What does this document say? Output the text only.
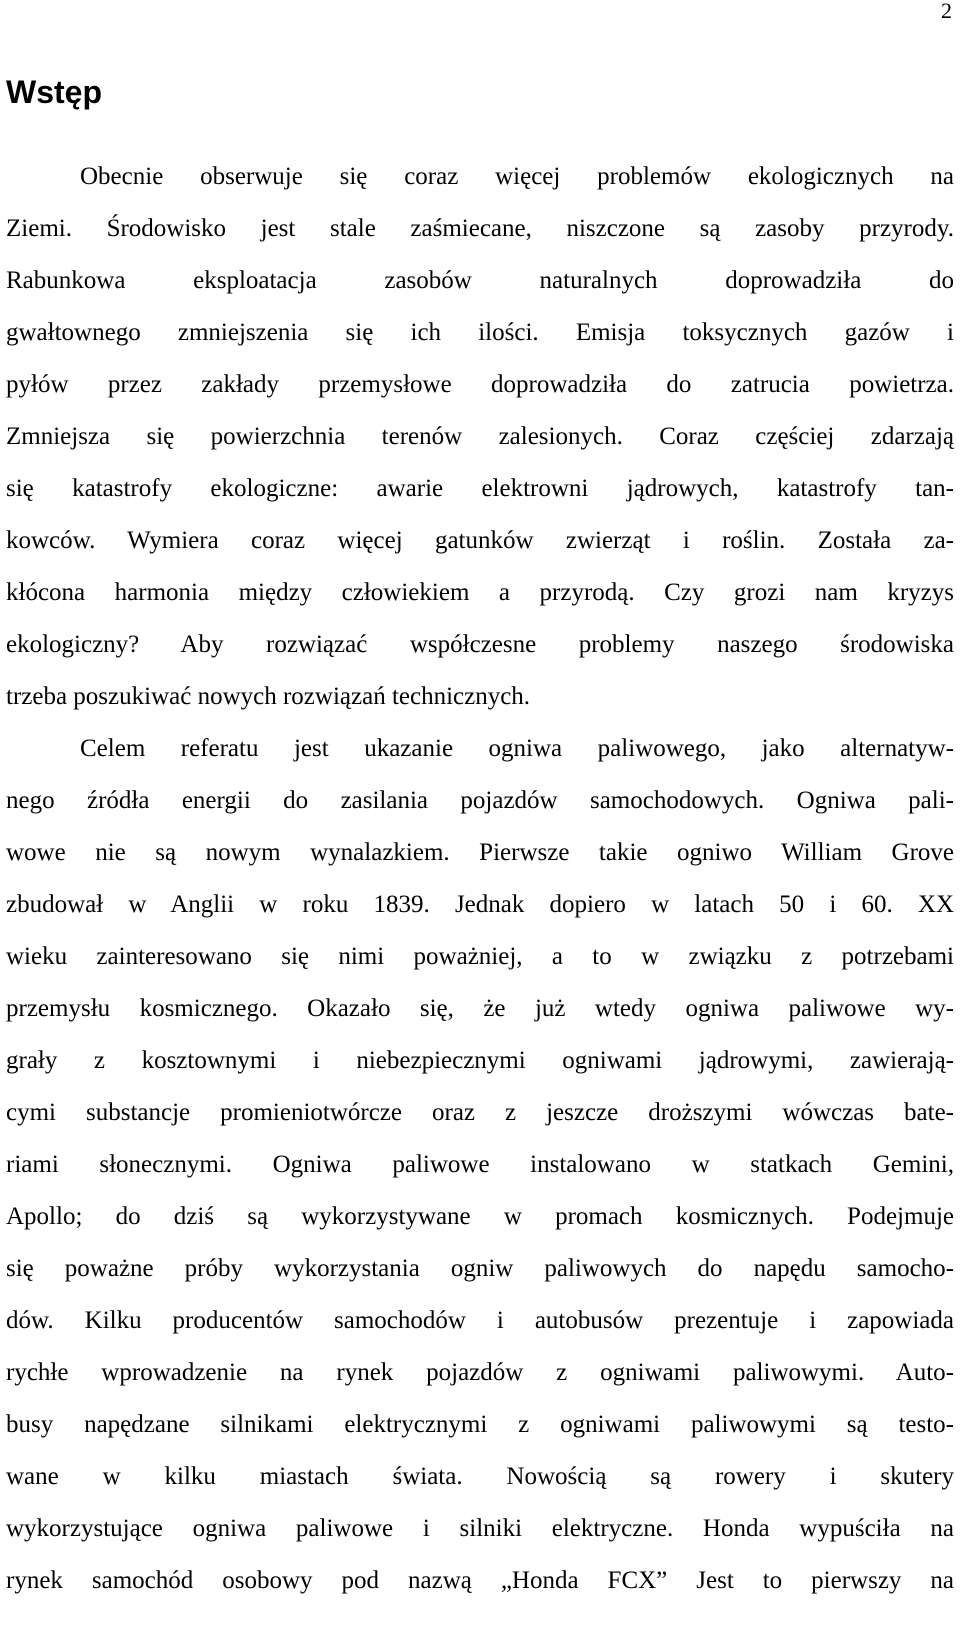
2
Wstęp
Obecnie obserwuje się coraz więcej problemów ekologicznych na
Ziemi. Środowisko jest stale zaśmiecane, niszczone są zasoby przyrody.
Rabunkowa eksploatacja zasobów naturalnych doprowadziła do
gwałtownego zmniejszenia się ich ilości. Emisja toksycznych gazów i
pyłów przez zakłady przemysłowe doprowadziła do zatrucia powietrza.
Zmniejsza się powierzchnia terenów zalesionych. Coraz częściej zdarzają
się katastrofy ekologiczne: awarie elektrowni jądrowych, katastrofy tan-
kowców. Wymiera coraz więcej gatunków zwierząt i roślin. Została za-
kłócona harmonia między człowiekiem a przyrodą. Czy grozi nam kryzys
ekologiczny? Aby rozwiązać współczesne problemy naszego środowiska
trzeba poszukiwać nowych rozwiązań technicznych.
Celem referatu jest ukazanie ogniwa paliwowego, jako alternatyw-
nego źródła energii do zasilania pojazdów samochodowych. Ogniwa pali-
wowe nie są nowym wynalazkiem. Pierwsze takie ogniwo William Grove
zbudował w Anglii w roku 1839. Jednak dopiero w latach 50 i 60. XX
wieku zainteresowano się nimi poważniej, a to w związku z potrzebami
przemysłu kosmicznego. Okazało się, że już wtedy ogniwa paliwowe wy-
grały z kosztownymi i niebezpiecznymi ogniwami jądrowymi, zawierają-
cymi substancje promieniotwórcze oraz z jeszcze droższymi wówczas bate-
riami słonecznymi. Ogniwa paliwowe instalowano w statkach Gemini,
Apollo; do dziś są wykorzystywane w promach kosmicznych. Podejmuje
się poważne próby wykorzystania ogniw paliwowych do napędu samocho-
dów. Kilku producentów samochodów i autobusów prezentuje i zapowiada
rychłe wprowadzenie na rynek pojazdów z ogniwami paliwowymi. Auto-
busy napędzane silnikami elektrycznymi z ogniwami paliwowymi są testo-
wane w kilku miastach świata. Nowością są rowery i skutery
wykorzystujące ogniwa paliwowe i silniki elektryczne. Honda wypuściła na
rynek samochód osobowy pod nazwą „Honda FCX” Jest to pierwszy na
